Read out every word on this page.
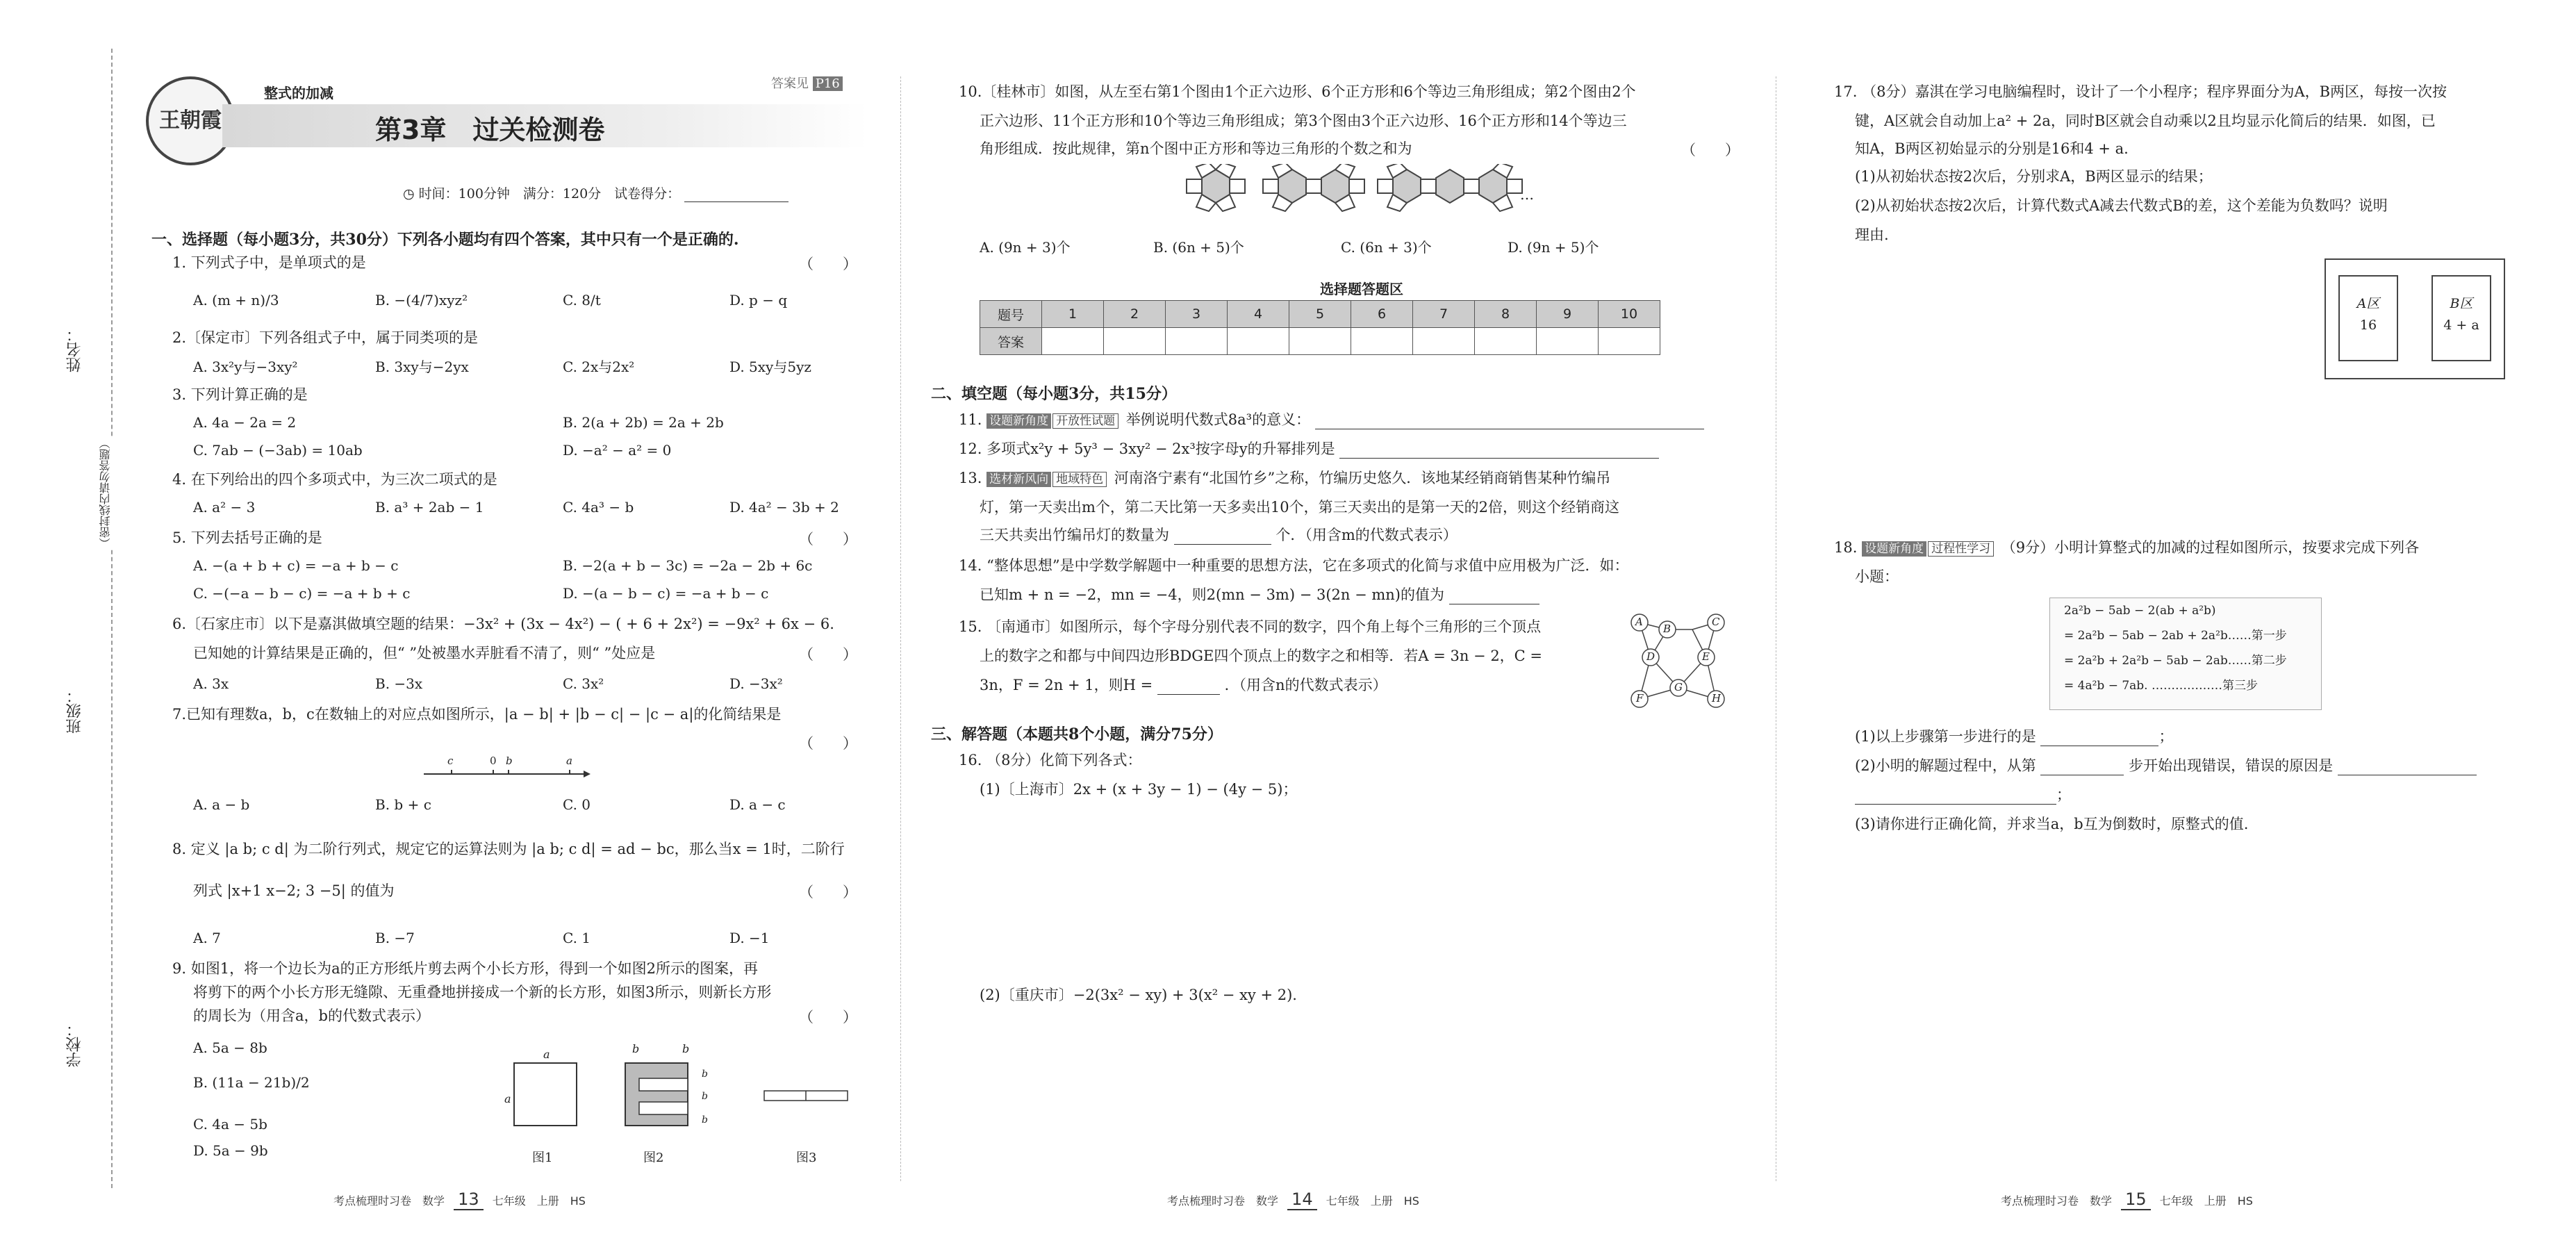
学校：
班级：
姓名：
（密封线内请勿答题）
王朝霞
整式的加减
第3章　过关检测卷
答案见 P16
◷ 时间：100分钟　满分：120分　试卷得分：
一、选择题（每小题3分，共30分）下列各小题均有四个答案，其中只有一个是正确的.
1. 下列式子中，是单项式的是	（　　）
A. (m + n)/3	B. −(4/7)xyz²	C. 8/t	D. p − q
2.〔保定市〕下列各组式子中，属于同类项的是
A. 3x²y与−3xy²	B. 3xy与−2yx	C. 2x与2x²	D. 5xy与5yz
3. 下列计算正确的是
A. 4a − 2a = 2	B. 2(a + 2b) = 2a + 2b
C. 7ab − (−3ab) = 10ab	D. −a² − a² = 0
4. 在下列给出的四个多项式中，为三次二项式的是
A. a² − 3	B. a³ + 2ab − 1	C. 4a³ − b	D. 4a² − 3b + 2
5. 下列去括号正确的是	（　　）
A. −(a + b + c) = −a + b − c	B. −2(a + b − 3c) = −2a − 2b + 6c
C. −(−a − b − c) = −a + b + c	D. −(a − b − c) = −a + b − c
6.〔石家庄市〕以下是嘉淇做填空题的结果：−3x² + (3x − 4x²) − ( + 6 + 2x²) = −9x² + 6x − 6.
已知她的计算结果是正确的，但“ ”处被墨水弄脏看不清了，则“ ”处应是	（　　）
A. 3x	B. −3x	C. 3x²	D. −3x²
7.已知有理数a，b，c在数轴上的对应点如图所示，|a − b| + |b − c| − |c − a|的化简结果是
（　　）
c	0 b	a
A. a − b	B. b + c	C. 0	D. a − c
8. 定义 |a b; c d| 为二阶行列式，规定它的运算法则为 |a b; c d| = ad − bc，那么当x = 1时，二阶行
列式 |x+1 x−2; 3 −5| 的值为	（　　）
A. 7	B. −7	C. 1	D. −1
9. 如图1，将一个边长为a的正方形纸片剪去两个小长方形，得到一个如图2所示的图案，再
将剪下的两个小长方形无缝隙、无重叠地拼接成一个新的长方形，如图3所示，则新长方形
的周长为（用含a，b的代数式表示）	（　　）
A. 5a − 8b
B. (11a − 21b)/2
C. 4a − 5b
D. 5a − 9b
a
a
b	b
b
b
b
图1	图2	图3
10.〔桂林市〕如图，从左至右第1个图由1个正六边形、6个正方形和6个等边三角形组成；第2个图由2个
正六边形、11个正方形和10个等边三角形组成；第3个图由3个正六边形、16个正方形和14个等边三
角形组成．按此规律，第n个图中正方形和等边三角形的个数之和为	（　　）
…
A. (9n + 3)个	B. (6n + 5)个	C. (6n + 3)个	D. (9n + 5)个
选择题答题区
题号	1	2	3	4	5	6	7	8	9	10
答案										
二、填空题（每小题3分，共15分）
11. 设题新角度 开放性试题 举例说明代数式8a³的意义：
12. 多项式x²y + 5y³ − 3xy² − 2x³按字母y的升幂排列是
13. 选材新风向 地域特色 河南洛宁素有“北国竹乡”之称，竹编历史悠久．该地某经销商销售某种竹编吊
灯，第一天卖出m个，第二天比第一天多卖出10个，第三天卖出的是第一天的2倍，则这个经销商这
三天共卖出竹编吊灯的数量为	个．（用含m的代数式表示）
14. “整体思想”是中学数学解题中一种重要的思想方法，它在多项式的化简与求值中应用极为广泛．如：
已知m + n = −2，mn = −4，则2(mn − 3m) − 3(2n − mn)的值为
15. 〔南通市〕如图所示，每个字母分别代表不同的数字，四个角上每个三角形的三个顶点
上的数字之和都与中间四边形BDGE四个顶点上的数字之和相等．若A = 3n − 2，C =
3n，F = 2n + 1，则H =	．（用含n的代数式表示）
A
B
C
D	E
F
G
H
三、解答题（本题共8个小题，满分75分）
16. （8分）化简下列各式：
(1)〔上海市〕2x + (x + 3y − 1) − (4y − 5)；
(2)〔重庆市〕−2(3x² − xy) + 3(x² − xy + 2).
17. （8分）嘉淇在学习电脑编程时，设计了一个小程序；程序界面分为A，B两区，每按一次按
键，A区就会自动加上a² + 2a，同时B区就会自动乘以2且均显示化简后的结果．如图，已
知A，B两区初始显示的分别是16和4 + a.
(1)从初始状态按2次后，分别求A，B两区显示的结果；
(2)从初始状态按2次后，计算代数式A减去代数式B的差，这个差能为负数吗？说明
理由.
A区
16
B区
4 + a
18. 设题新角度 过程性学习 （9分）小明计算整式的加减的过程如图所示，按要求完成下列各
小题：
2a²b − 5ab − 2(ab + a²b)
= 2a²b − 5ab − 2ab + 2a²b……第一步
= 2a²b + 2a²b − 5ab − 2ab……第二步
= 4a²b − 7ab. ………………第三步
(1)以上步骤第一步进行的是	；
(2)小明的解题过程中，从第	步开始出现错误，错误的原因是
；
(3)请你进行正确化简，并求当a，b互为倒数时，原整式的值.
考点梳理时习卷　数学 13 七年级　上册　HS	考点梳理时习卷　数学 14 七年级　上册　HS	考点梳理时习卷　数学 15 七年级　上册　HS
